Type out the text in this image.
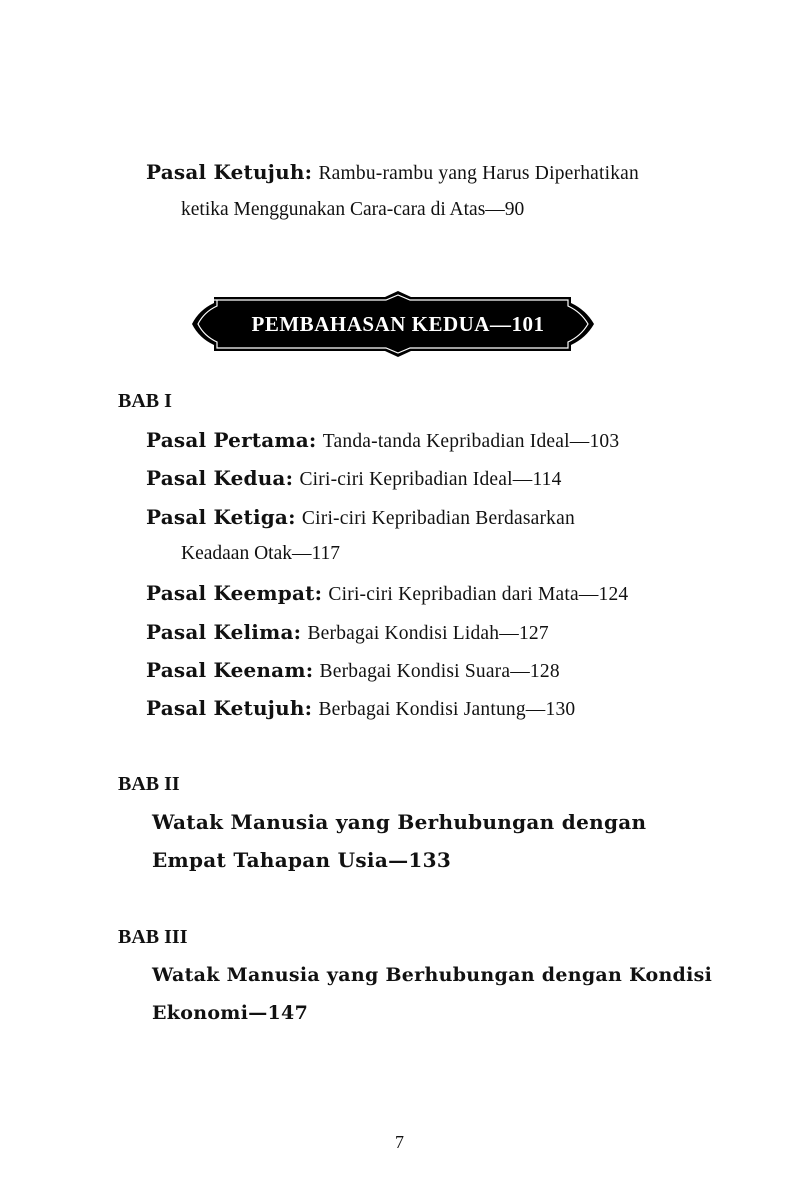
Pasal Ketujuh: Rambu-rambu yang Harus Diperhatikan
ketika Menggunakan Cara-cara di Atas—90
PEMBAHASAN KEDUA—101
BAB I
Pasal Pertama: Tanda-tanda Kepribadian Ideal—103
Pasal Kedua: Ciri-ciri Kepribadian Ideal—114
Pasal Ketiga: Ciri-ciri Kepribadian Berdasarkan
Keadaan Otak—117
Pasal Keempat: Ciri-ciri Kepribadian dari Mata—124
Pasal Kelima: Berbagai Kondisi Lidah—127
Pasal Keenam: Berbagai Kondisi Suara—128
Pasal Ketujuh: Berbagai Kondisi Jantung—130
BAB II
Watak Manusia yang Berhubungan dengan
Empat Tahapan Usia—133
BAB III
Watak Manusia yang Berhubungan dengan Kondisi
Ekonomi—147
7
